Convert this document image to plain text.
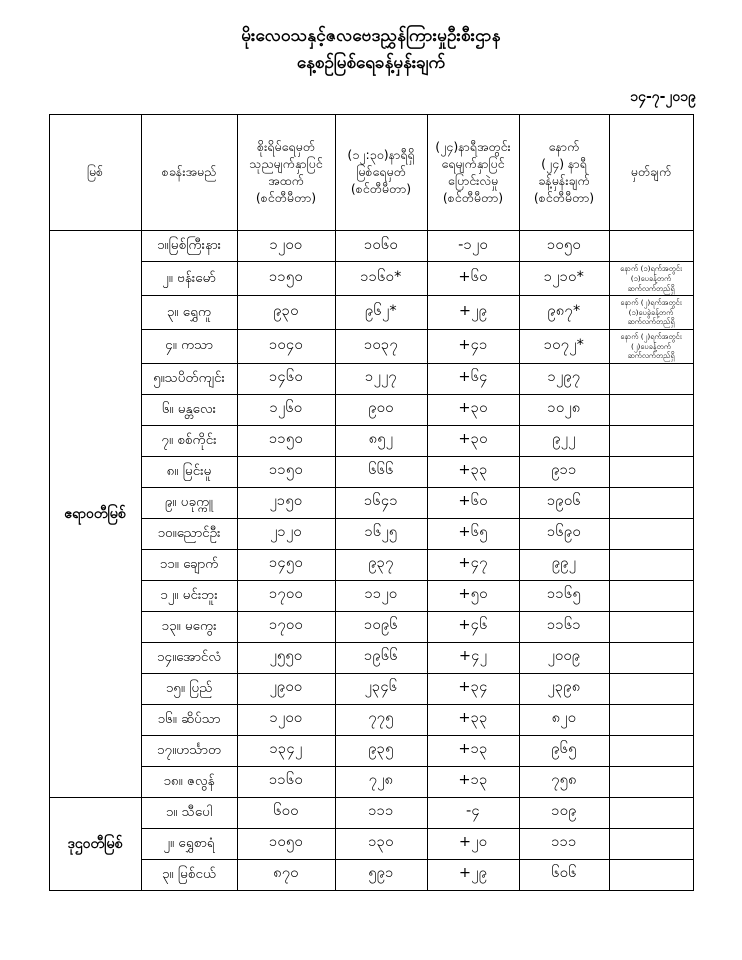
မိုးလေဝသနှင့်ဇလဗေဒညွှန်ကြားမှုဦးစီးဌာန
နေ့စဉ်မြစ်ရေခန့်မှန်းချက်
၁၄-၇-၂၀၁၉
မြစ်	စခန်းအမည်	စိုးရိမ်ရေမှတ်
သုညမျက်နှာပြင်
အထက်
(စင်တီမီတာ)	(၁၂:၃၀)နာရီရှိ
မြစ်ရေမှတ်
(စင်တီမီတာ)	(၂၄)နာရီအတွင်း
ရေမျက်နှာပြင်
ပြောင်းလဲမှု
(စင်တီမီတာ)	နောက်
(၂၄) နာရီ
ခန့်မှန်းချက်
(စင်တီမီတာ)	မှတ်ချက်
ဧရာဝတီမြစ်	၁။မြစ်ကြီးနား	၁၂၀၀	၁၀၆၀	-၁၂၀	၁၀၅၀	
	၂။ ဗန်းမော်	၁၁၅၀	၁၁၆၀*	+၆၀	၁၂၁၀*	နောက် (၁)ရက်အတွင်း
(၁)ပေခန့်တက်
ဆက်လက်တည်ရှိ

	၃။ ရွှေကူ	၉၃၀	၉၆၂*	+၂၉	၉၈၇*	နောက် (၂)ရက်အတွင်း
(၁)ပေခွဲခန့်တက်
ဆက်လက်တည်ရှိ

	၄။ ကသာ	၁၀၄၀	၁၀၃၇	+၄၁	၁၀၇၂*	နောက် (၂)ရက်အတွင်း
(၂)ပေခန့်တက်
ဆက်လက်တည်ရှိ

	၅။သပိတ်ကျင်း	၁၄၆၀	၁၂၂၇	+၆၄	၁၂၉၇	
	၆။ မန္တလေး	၁၂၆၀	၉၀၀	+၃၀	၁၀၂၈	
	၇။ စစ်ကိုင်း	၁၁၅၀	၈၅၂	+၃၀	၉၂၂	
	၈။ မြင်းမူ	၁၁၅၀	၆၆၆	+၃၃	၉၁၁	
	၉။ ပခုက္ကူ	၂၁၅၀	၁၆၄၁	+၆၀	၁၉၀၆	
	၁၀။ညောင်ဦး	၂၁၂၀	၁၆၂၅	+၆၅	၁၆၉၀	
	၁၁။ ချောက်	၁၄၅၀	၉၃၇	+၄၇	၉၉၂	
	၁၂။ မင်းဘူး	၁၇၀၀	၁၁၂၀	+၅၀	၁၁၆၅	
	၁၃။ မကွေး	၁၇၀၀	၁၀၉၆	+၄၆	၁၁၆၁	
	၁၄။အောင်လံ	၂၅၅၀	၁၉၆၆	+၄၂	၂၀၀၉	
	၁၅။ ပြည်	၂၉၀၀	၂၃၄၆	+၃၄	၂၃၉၈	
	၁၆။ ဆိပ်သာ	၁၂၀၀	၇၇၅	+၃၃	၈၂၀	
	၁၇။ဟင်္သာတ	၁၃၄၂	၉၃၅	+၁၃	၉၆၅	
	၁၈။ ဇလွန်	၁၁၆၀	၇၂၈	+၁၃	၇၅၈	
ဒုဌဝတီမြစ်	၁။ သီပေါ	၆၀၀	၁၁၁	-၄	၁၀၉	
	၂။ ရွှေစာရံ	၁၀၅၀	၁၃၀	+၂၀	၁၁၁	
	၃။ မြစ်ငယ်	၈၇၀	၅၉၁	+၂၉	၆၀၆	
